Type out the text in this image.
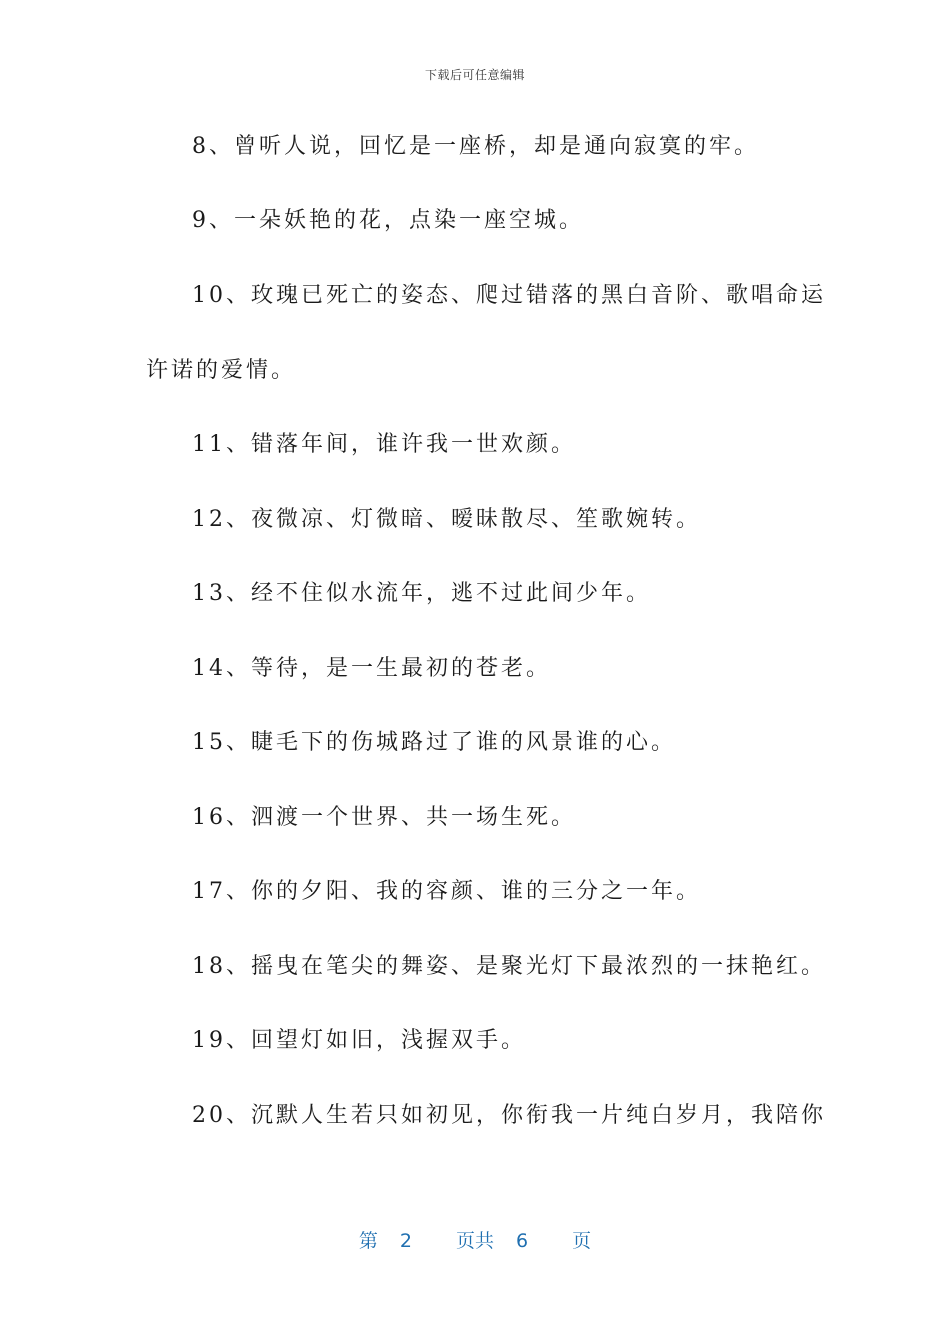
下载后可任意编辑
8、曾听人说，回忆是一座桥，却是通向寂寞的牢。
9、一朵妖艳的花，点染一座空城。
10、玫瑰已死亡的姿态、爬过错落的黑白音阶、歌唱命运
许诺的爱情。
11、错落年间，谁许我一世欢颜。
12、夜微凉、灯微暗、暧昧散尽、笙歌婉转。
13、经不住似水流年，逃不过此间少年。
14、等待，是一生最初的苍老。
15、睫毛下的伤城路过了谁的风景谁的心。
16、泗渡一个世界、共一场生死。
17、你的夕阳、我的容颜、谁的三分之一年。
18、摇曳在笔尖的舞姿、是聚光灯下最浓烈的一抹艳红。
19、回望灯如旧，浅握双手。
20、沉默人生若只如初见，你衔我一片纯白岁月，我陪你
第 2 页共 6 页
